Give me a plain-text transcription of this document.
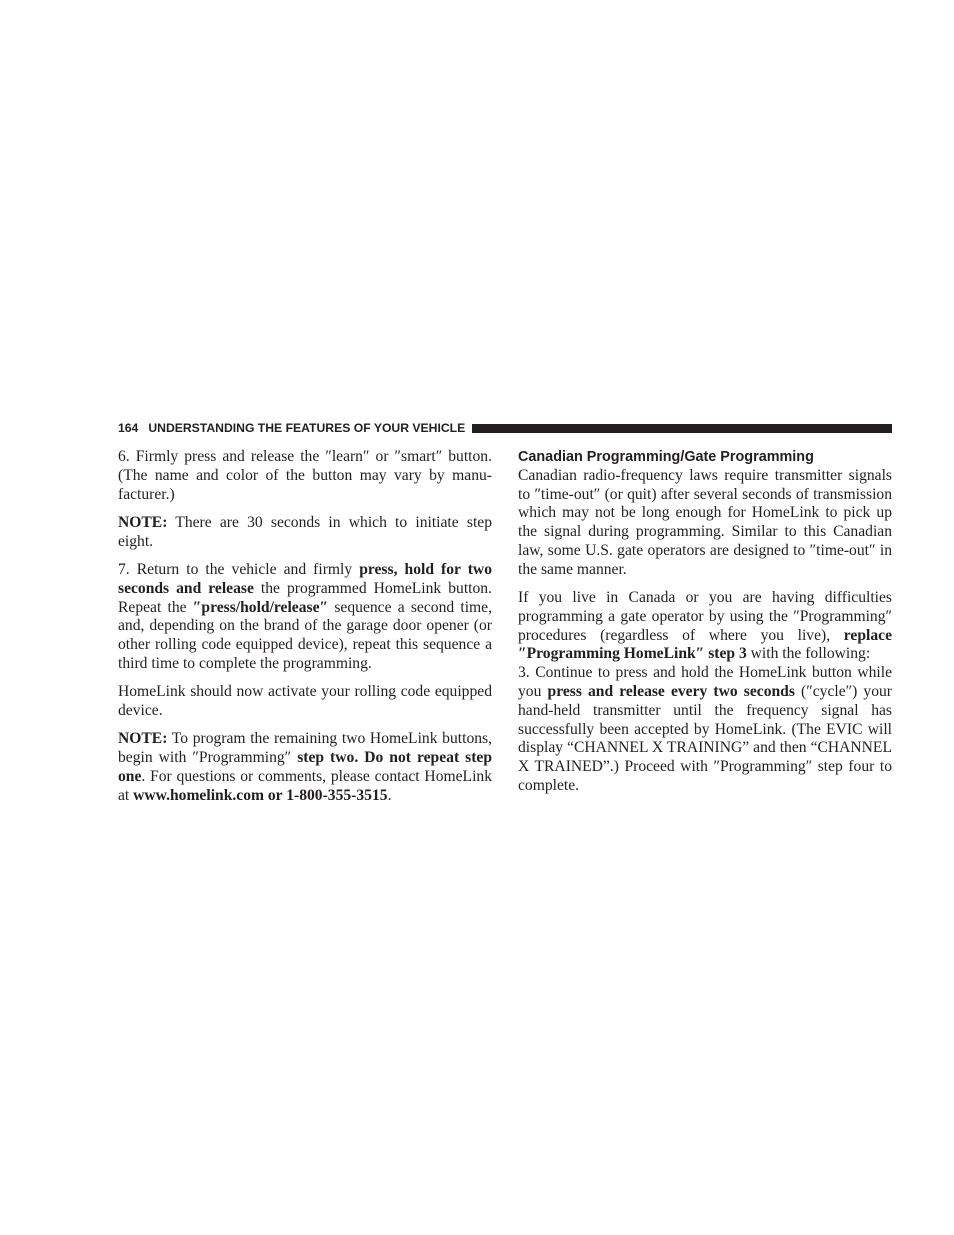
164 UNDERSTANDING THE FEATURES OF YOUR VEHICLE

6. Firmly press and release the ″learn″ or ″smart″ button. (The name and color of the button may vary by manufacturer.)

NOTE: There are 30 seconds in which to initiate step eight.

7. Return to the vehicle and firmly press, hold for two seconds and release the programmed HomeLink button. Repeat the ″press/hold/release″ sequence a second time, and, depending on the brand of the garage door opener (or other rolling code equipped device), repeat this sequence a third time to complete the programming.

HomeLink should now activate your rolling code equipped device.

NOTE: To program the remaining two HomeLink buttons, begin with ″Programming″ step two. Do not repeat step one. For questions or comments, please contact HomeLink at www.homelink.com or 1-800-355-3515.

Canadian Programming/Gate Programming

Canadian radio-frequency laws require transmitter signals to ″time-out″ (or quit) after several seconds of transmission which may not be long enough for HomeLink to pick up the signal during programming. Similar to this Canadian law, some U.S. gate operators are designed to ″time-out″ in the same manner.

If you live in Canada or you are having difficulties programming a gate operator by using the ″Programming″ procedures (regardless of where you live), replace ″Programming HomeLink″ step 3 with the following:

3. Continue to press and hold the HomeLink button while you press and release every two seconds (″cycle″) your hand-held transmitter until the frequency signal has successfully been accepted by HomeLink. (The EVIC will display “CHANNEL X TRAINING” and then “CHANNEL X TRAINED”.) Proceed with ″Programming″ step four to complete.
